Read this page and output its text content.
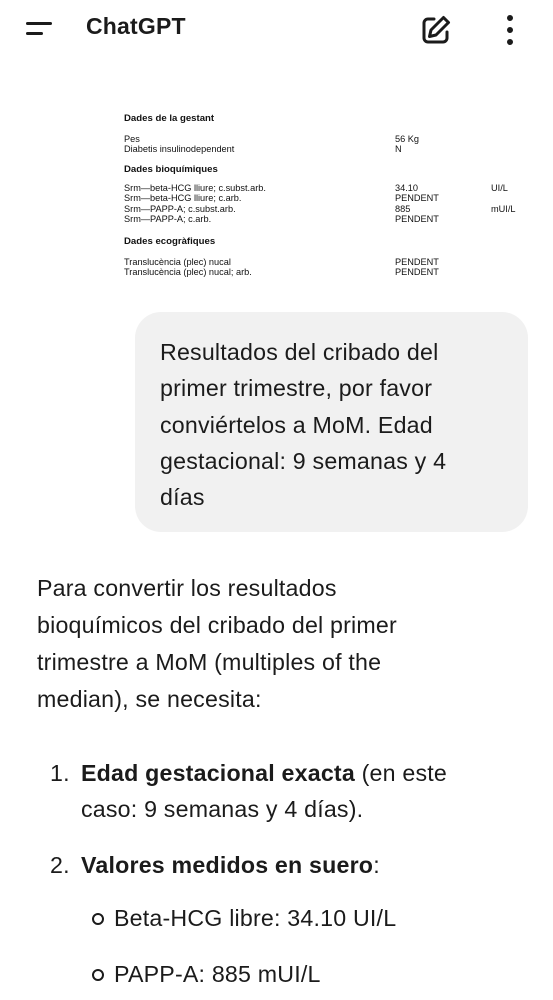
ChatGPT
Dades de la gestant
Pes	56 Kg
Diabetis insulinodependent	N
Dades bioquímiques
Srm—beta-HCG lliure; c.subst.arb.	34.10	UI/L
Srm—beta-HCG lliure; c.arb.	PENDENT
Srm—PAPP-A; c.subst.arb.	885	mUI/L
Srm—PAPP-A; c.arb.	PENDENT
Dades ecogràfiques
Translucència (plec) nucal	PENDENT
Translucència (plec) nucal; arb.	PENDENT
Resultados del cribado del
primer trimestre, por favor
conviértelos a MoM. Edad
gestacional: 9 semanas y 4
días

Para convertir los resultados

bioquímicos del cribado del primer

trimestre a MoM (multiples of the

median), se necesita:

1. Edad gestacional exacta (en este
caso: 9 semanas y 4 días).
2. Valores medidos en suero:
Beta-HCG libre: 34.10 UI/L
PAPP-A: 885 mUI/L
